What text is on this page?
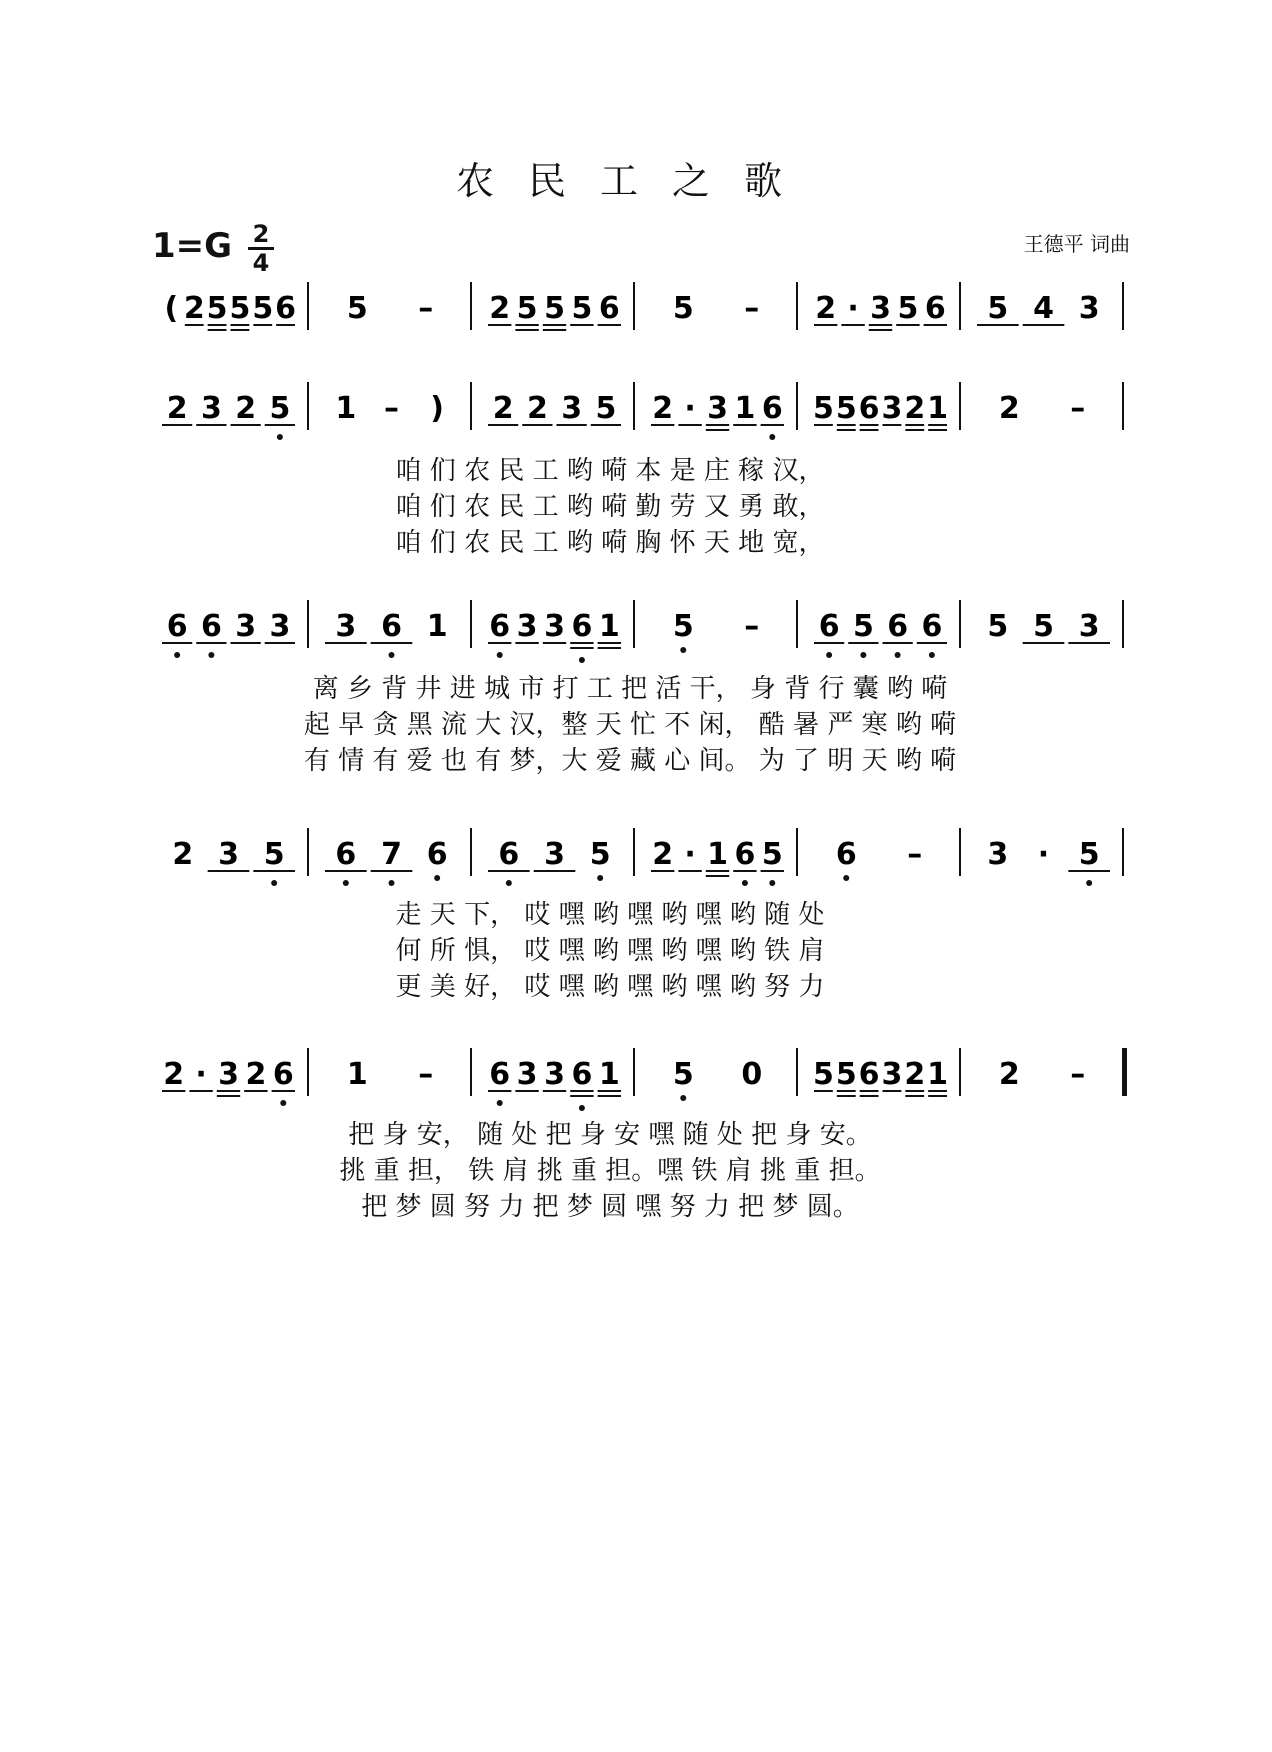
农民工之歌
1=G 2
4
王德平 词曲
( 2 5 5 5 6 5 – 2 5 5 5 6 5 – 2 · 3 5 6 5 4 3
2 3 2 5 1 – ) 2 2 3 5 2 · 3 1 6 5 5 6 3 2 1 2 –
6 6 3 3 3 6 1 6 3 3 6 1 5 – 6 5 6 6 5 5 3
2 3 5 6 7 6 6 3 5 2 · 1 6 5 6 – 3 · 5
2 · 3 2 6 1 – 6 3 3 6 1 5 0 5 5 6 3 2 1 2 –
咱 们 农 民 工 哟 嗬 本 是 庄 稼 汉，
咱 们 农 民 工 哟 嗬 勤 劳 又 勇 敢，
咱 们 农 民 工 哟 嗬 胸 怀 天 地 宽，
离 乡 背 井 进 城 市 打 工 把 活 干， 身 背 行 囊 哟 嗬
起 早 贪 黑 流 大 汉，整 天 忙 不 闲， 酷 暑 严 寒 哟 嗬
有 情 有 爱 也 有 梦，大 爱 藏 心 间。 为 了 明 天 哟 嗬
走 天 下， 哎 嘿 哟 嘿 哟 嘿 哟 随 处
何 所 惧， 哎 嘿 哟 嘿 哟 嘿 哟 铁 肩
更 美 好， 哎 嘿 哟 嘿 哟 嘿 哟 努 力
把 身 安， 随 处 把 身 安 嘿 随 处 把 身 安。
挑 重 担， 铁 肩 挑 重 担。嘿 铁 肩 挑 重 担。
把 梦 圆 努 力 把 梦 圆 嘿 努 力 把 梦 圆。
